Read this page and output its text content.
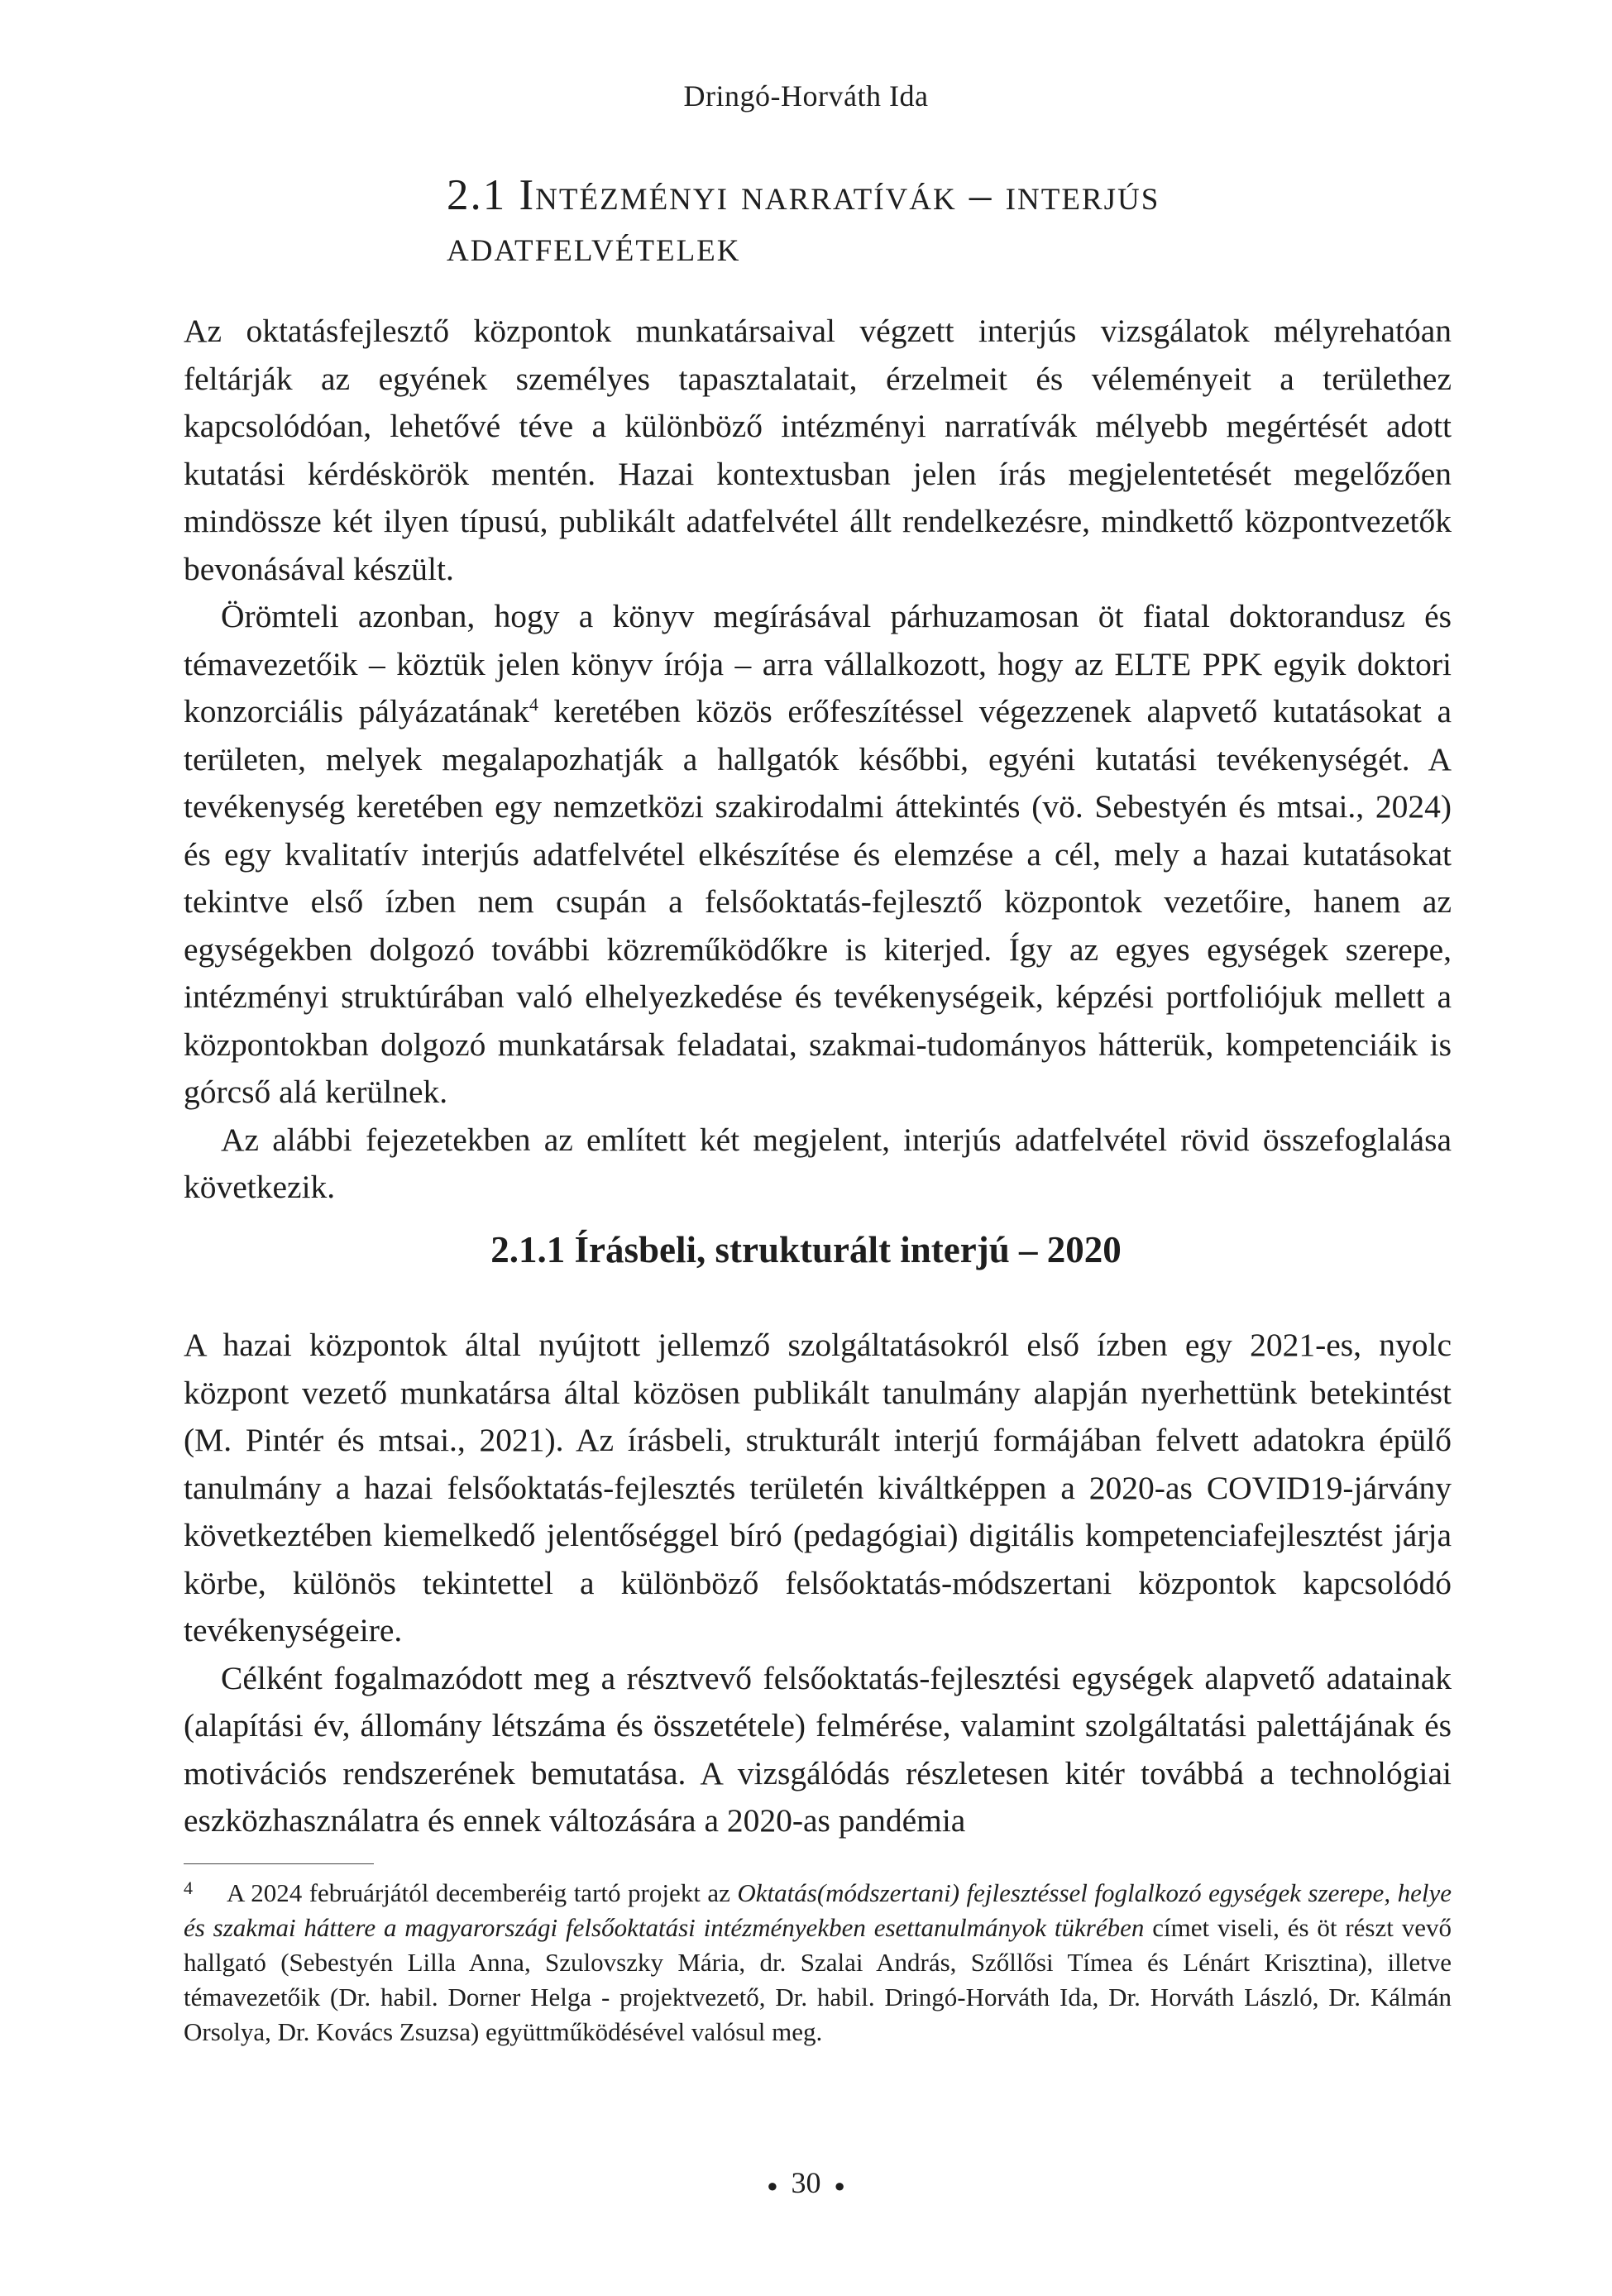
Dringó-Horváth Ida
2.1 Intézményi narratívák – interjús
adatfelvételek

Az oktatásfejlesztő központok munkatársaival végzett interjús vizsgálatok mélyrehatóan feltárják az egyének személyes tapasztalatait, érzelmeit és véleményeit a területhez kapcsolódóan, lehetővé téve a különböző intézményi narratívák mélyebb megértését adott kutatási kérdéskörök mentén. Hazai kontextusban jelen írás megjelentetését megelőzően mindössze két ilyen típusú, publikált adatfelvétel állt rendelkezésre, mindkettő központvezetők bevonásával készült.

Örömteli azonban, hogy a könyv megírásával párhuzamosan öt fiatal doktorandusz és témavezetőik – köztük jelen könyv írója – arra vállalkozott, hogy az ELTE PPK egyik doktori konzorciális pályázatának$^4$ keretében közös erőfeszítéssel végezzenek alapvető kutatásokat a területen, melyek megalapozhatják a hallgatók későbbi, egyéni kutatási tevékenységét. A tevékenység keretében egy nemzetközi szakirodalmi áttekintés (vö. Sebestyén és mtsai., 2024) és egy kvalitatív interjús adatfelvétel elkészítése és elemzése a cél, mely a hazai kutatásokat tekintve első ízben nem csupán a felsőoktatás-fejlesztő központok vezetőire, hanem az egységekben dolgozó további közreműködőkre is kiterjed. Így az egyes egységek szerepe, intézményi struktúrában való elhelyezkedése és tevékenységeik, képzési portfoliójuk mellett a központokban dolgozó munkatársak feladatai, szakmai-tudományos hátterük, kompetenciáik is górcső alá kerülnek.

Az alábbi fejezetekben az említett két megjelent, interjús adatfelvétel rövid összefoglalása következik.

2.1.1 Írásbeli, strukturált interjú – 2020

A hazai központok által nyújtott jellemző szolgáltatásokról első ízben egy 2021-es, nyolc központ vezető munkatársa által közösen publikált tanulmány alapján nyerhettünk betekintést (M. Pintér és mtsai., 2021). Az írásbeli, strukturált interjú formájában felvett adatokra épülő tanulmány a hazai felsőoktatás-fejlesztés területén kiváltképpen a 2020-as COVID19-járvány következtében kiemelkedő jelentőséggel bíró (pedagógiai) digitális kompetenciafejlesztést járja körbe, különös tekintettel a különböző felsőoktatás-módszertani központok kapcsolódó tevékenységeire.

Célként fogalmazódott meg a résztvevő felsőoktatás-fejlesztési egységek alapvető adatainak (alapítási év, állomány létszáma és összetétele) felmérése, valamint szolgáltatási palettájának és motivációs rendszerének bemutatása. A vizsgálódás részletesen kitér továbbá a technológiai eszközhasználatra és ennek változására a 2020-as pandémia

4	A 2024 februárjától decemberéig tartó projekt az Oktatás(módszertani) fejlesztéssel foglalkozó egységek szerepe, helye és szakmai háttere a magyarországi felsőoktatási intézményekben esettanulmányok tükrében címet viseli, és öt részt vevő hallgató (Sebestyén Lilla Anna, Szulovszky Mária, dr. Szalai András, Szőllősi Tímea és Lénárt Krisztina), illetve témavezetőik (Dr. habil. Dorner Helga - projektvezető, Dr. habil. Dringó-Horváth Ida, Dr. Horváth László, Dr. Kálmán Orsolya, Dr. Kovács Zsuzsa) együttműködésével valósul meg.
● 30 ●
